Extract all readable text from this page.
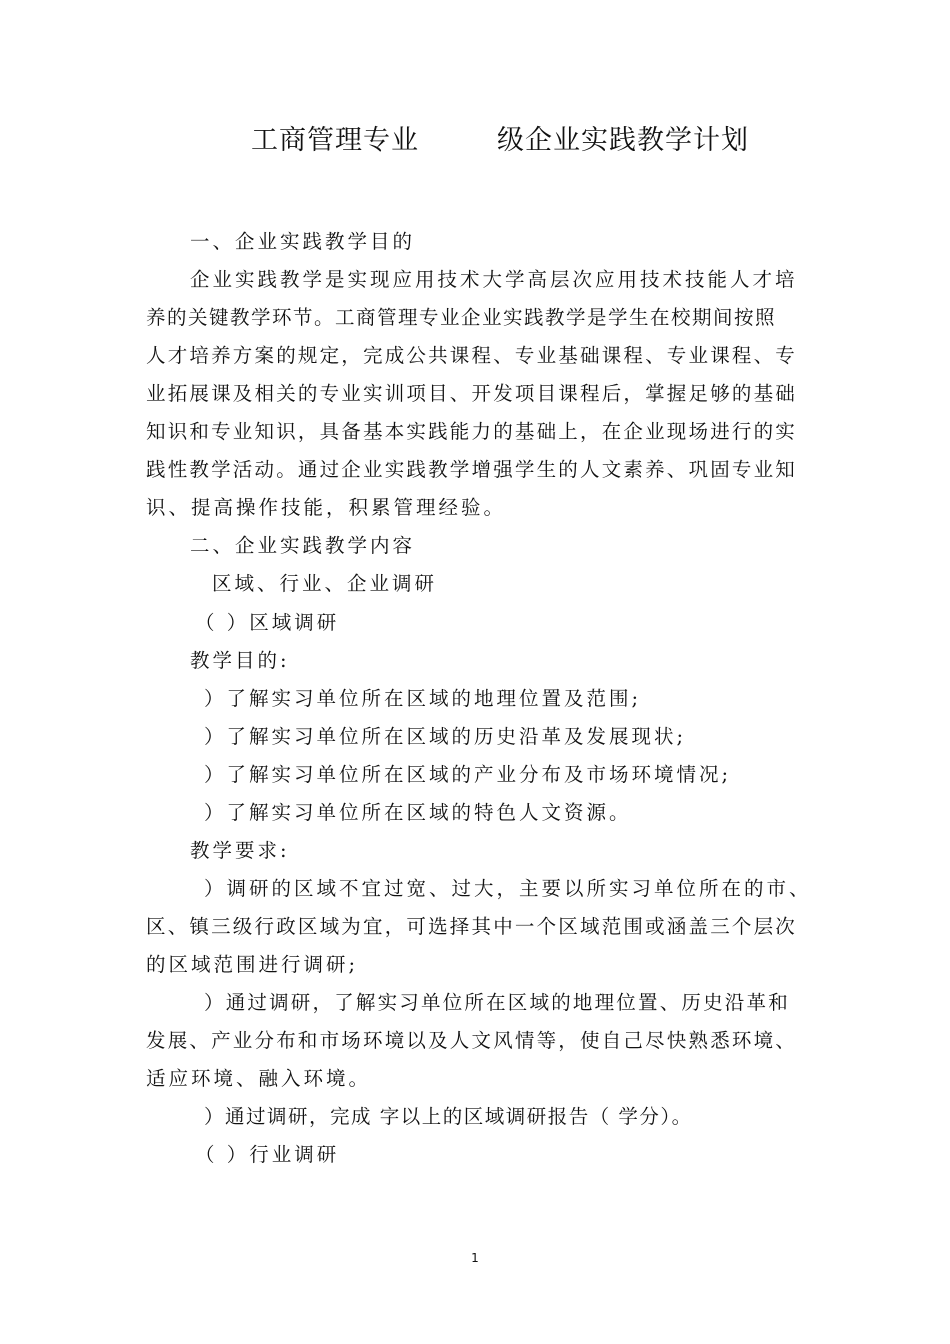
工商管理专业	级企业实践教学计划
一、企业实践教学目的
企业实践教学是实现应用技术大学高层次应用技术技能人才培
养的关键教学环节。工商管理专业企业实践教学是学生在校期间按照
人才培养方案的规定，完成公共课程、专业基础课程、专业课程、专
业拓展课及相关的专业实训项目、开发项目课程后，掌握足够的基础
知识和专业知识，具备基本实践能力的基础上，在企业现场进行的实
践性教学活动。通过企业实践教学增强学生的人文素养、巩固专业知
识、提高操作技能，积累管理经验。
二、企业实践教学内容
区域、行业、企业调研
（ ）区域调研
教学目的:
）了解实习单位所在区域的地理位置及范围;
）了解实习单位所在区域的历史沿革及发展现状;
）了解实习单位所在区域的产业分布及市场环境情况;
）了解实习单位所在区域的特色人文资源。
教学要求:
）调研的区域不宜过宽、过大，主要以所实习单位所在的市、
区、镇三级行政区域为宜，可选择其中一个区域范围或涵盖三个层次
的区域范围进行调研;
）通过调研，了解实习单位所在区域的地理位置、历史沿革和
发展、产业分布和市场环境以及人文风情等，使自己尽快熟悉环境、
适应环境、融入环境。
）通过调研，完成 字以上的区域调研报告（ 学分）。
（ ）行业调研
1
